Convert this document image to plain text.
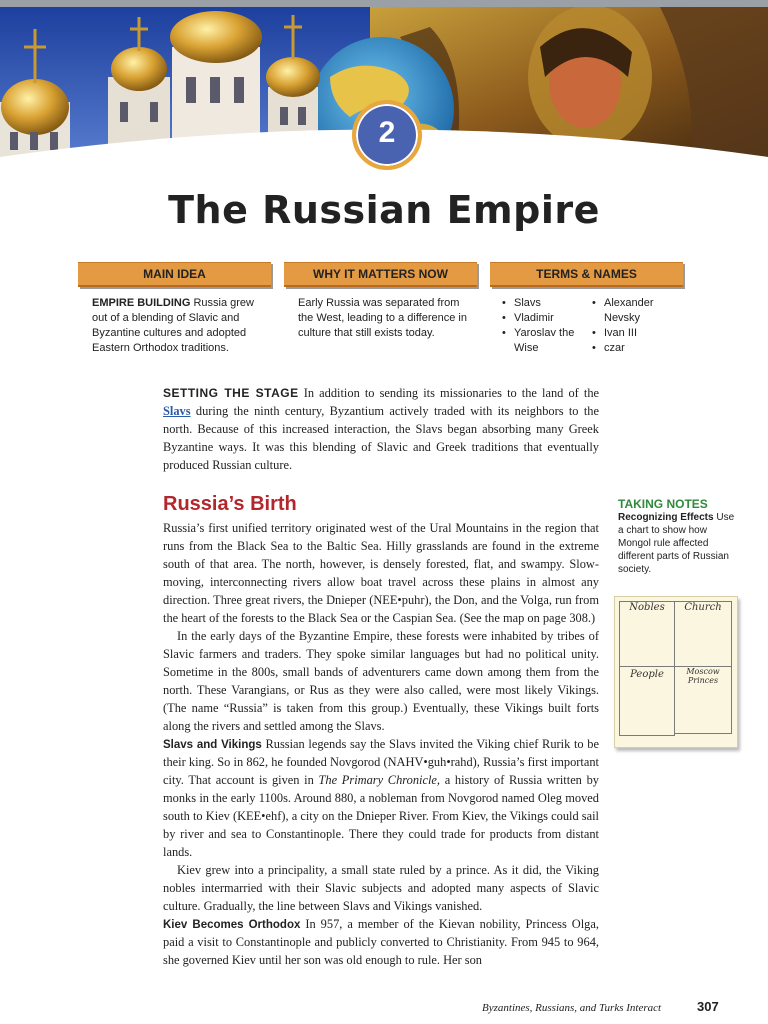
2
The Russian Empire
MAIN IDEA	WHY IT MATTERS NOW	TERMS & NAMES
EMPIRE BUILDING Russia grew out of a blending of Slavic and Byzantine cultures and adopted Eastern Orthodox traditions.
Early Russia was separated from the West, leading to a difference in culture that still exists today.
• Slavs
• Vladimir
• Yaroslav the Wise
• Alexander Nevsky
• Ivan III
• czar

SETTING THE STAGE In addition to sending its missionaries to the land of the Slavs during the ninth century, Byzantium actively traded with its neighbors to the north. Because of this increased interaction, the Slavs began absorbing many Greek Byzantine ways. It was this blending of Slavic and Greek traditions that eventually produced Russian culture.

Russia’s Birth

Russia’s first unified territory originated west of the Ural Mountains in the region that runs from the Black Sea to the Baltic Sea. Hilly grasslands are found in the extreme south of that area. The north, however, is densely forested, flat, and swampy. Slow-moving, interconnecting rivers allow boat travel across these plains in almost any direction. Three great rivers, the Dnieper (NEE•puhr), the Don, and the Volga, run from the heart of the forests to the Black Sea or the Caspian Sea. (See the map on page 308.)

In the early days of the Byzantine Empire, these forests were inhabited by tribes of Slavic farmers and traders. They spoke similar languages but had no political unity. Sometime in the 800s, small bands of adventurers came down among them from the north. These Varangians, or Rus as they were also called, were most likely Vikings. (The name “Russia” is taken from this group.) Eventually, these Vikings built forts along the rivers and settled among the Slavs.

Slavs and Vikings Russian legends say the Slavs invited the Viking chief Rurik to be their king. So in 862, he founded Novgorod (NAHV•guh•rahd), Russia’s first important city. That account is given in The Primary Chronicle, a history of Russia written by monks in the early 1100s. Around 880, a nobleman from Novgorod named Oleg moved south to Kiev (KEE•ehf), a city on the Dnieper River. From Kiev, the Vikings could sail by river and sea to Constantinople. There they could trade for products from distant lands.

Kiev grew into a principality, a small state ruled by a prince. As it did, the Viking nobles intermarried with their Slavic subjects and adopted many aspects of Slavic culture. Gradually, the line between Slavs and Vikings vanished.

Kiev Becomes Orthodox In 957, a member of the Kievan nobility, Princess Olga, paid a visit to Constantinople and publicly converted to Christianity. From 945 to 964, she governed Kiev until her son was old enough to rule. Her son

TAKING NOTES
Recognizing Effects Use a chart to show how Mongol rule affected different parts of Russian society.
Nobles	Church
People	Moscow Princes
Byzantines, Russians, and Turks Interact	307
